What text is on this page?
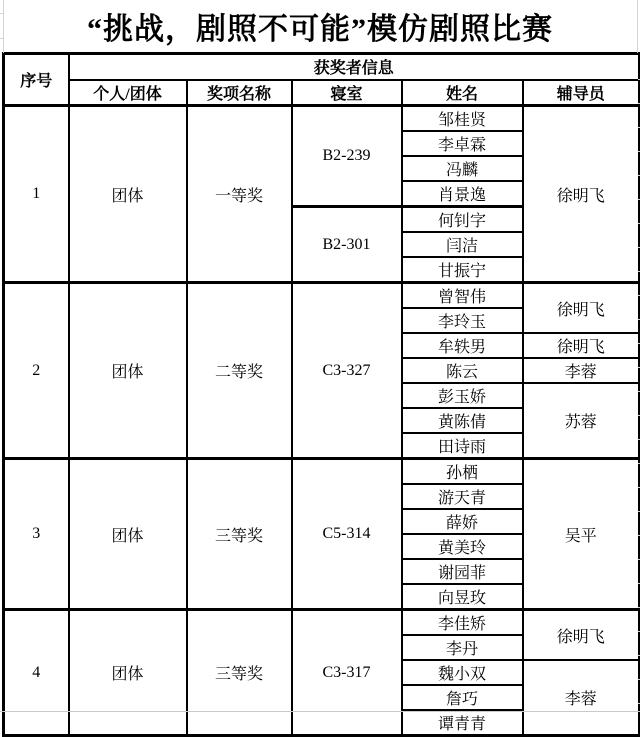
“挑战，剧照不可能”模仿剧照比赛
序号	获奖者信息				
	个人/团体	奖项名称	寝室	姓名	辅导员
1	团体	一等奖	B2-239	邹桂贤	徐明飞
				李卓霖	
				冯麟	
				肖景逸	
			B2-301	何钊字	
				闫洁	
				甘振宁	
2	团体	二等奖	C3-327	曾智伟	徐明飞
				李玲玉	
				牟轶男	徐明飞
				陈云	李蓉
				彭玉娇	苏蓉
				黄陈倩	
				田诗雨	
3	团体	三等奖	C5-314	孙栖	吴平
				游天青	
				薛娇	
				黄美玲	
				谢园菲	
				向昱玫	
4	团体	三等奖	C3-317	李佳矫	徐明飞
				李丹	
				魏小双	李蓉
				詹巧	
				谭青青	
